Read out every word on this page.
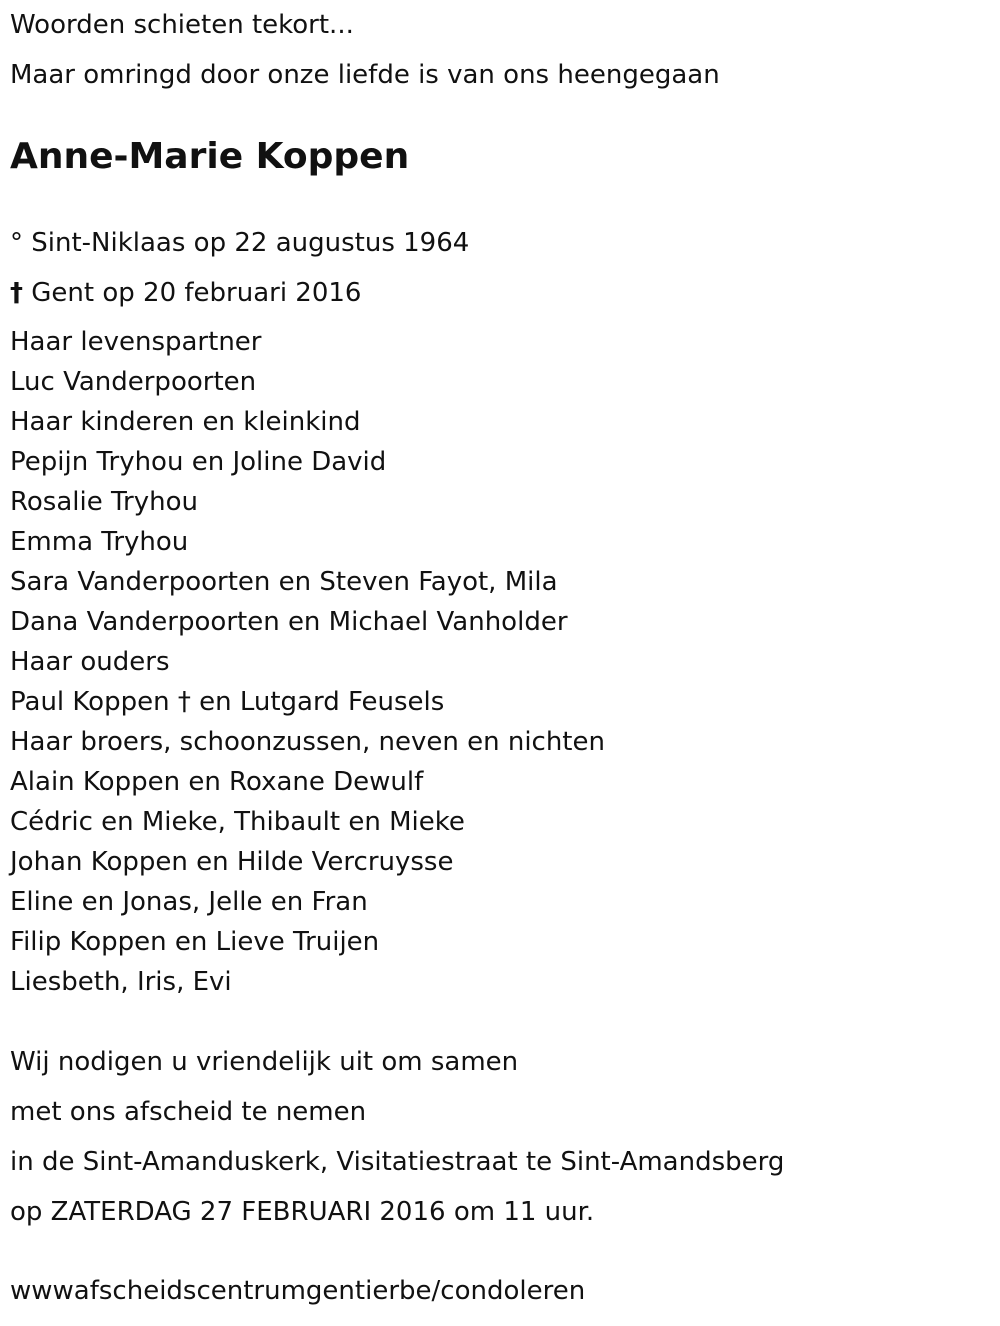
Woorden schieten tekort...
Maar omringd door onze liefde is van ons heengegaan
Anne-Marie Koppen
° Sint-Niklaas op 22 augustus 1964
† Gent op 20 februari 2016
Haar levenspartner
Luc Vanderpoorten
Haar kinderen en kleinkind
Pepijn Tryhou en Joline David
Rosalie Tryhou
Emma Tryhou
Sara Vanderpoorten en Steven Fayot, Mila
Dana Vanderpoorten en Michael Vanholder
Haar ouders
Paul Koppen † en Lutgard Feusels
Haar broers, schoonzussen, neven en nichten
Alain Koppen en Roxane Dewulf
Cédric en Mieke, Thibault en Mieke
Johan Koppen en Hilde Vercruysse
Eline en Jonas, Jelle en Fran
Filip Koppen en Lieve Truijen
Liesbeth, Iris, Evi
Wij nodigen u vriendelijk uit om samen
met ons afscheid te nemen
in de Sint-Amanduskerk, Visitatiestraat te Sint-Amandsberg
op ZATERDAG 27 FEBRUARI 2016 om 11 uur.
wwwafscheidscentrumgentierbe/condoleren
